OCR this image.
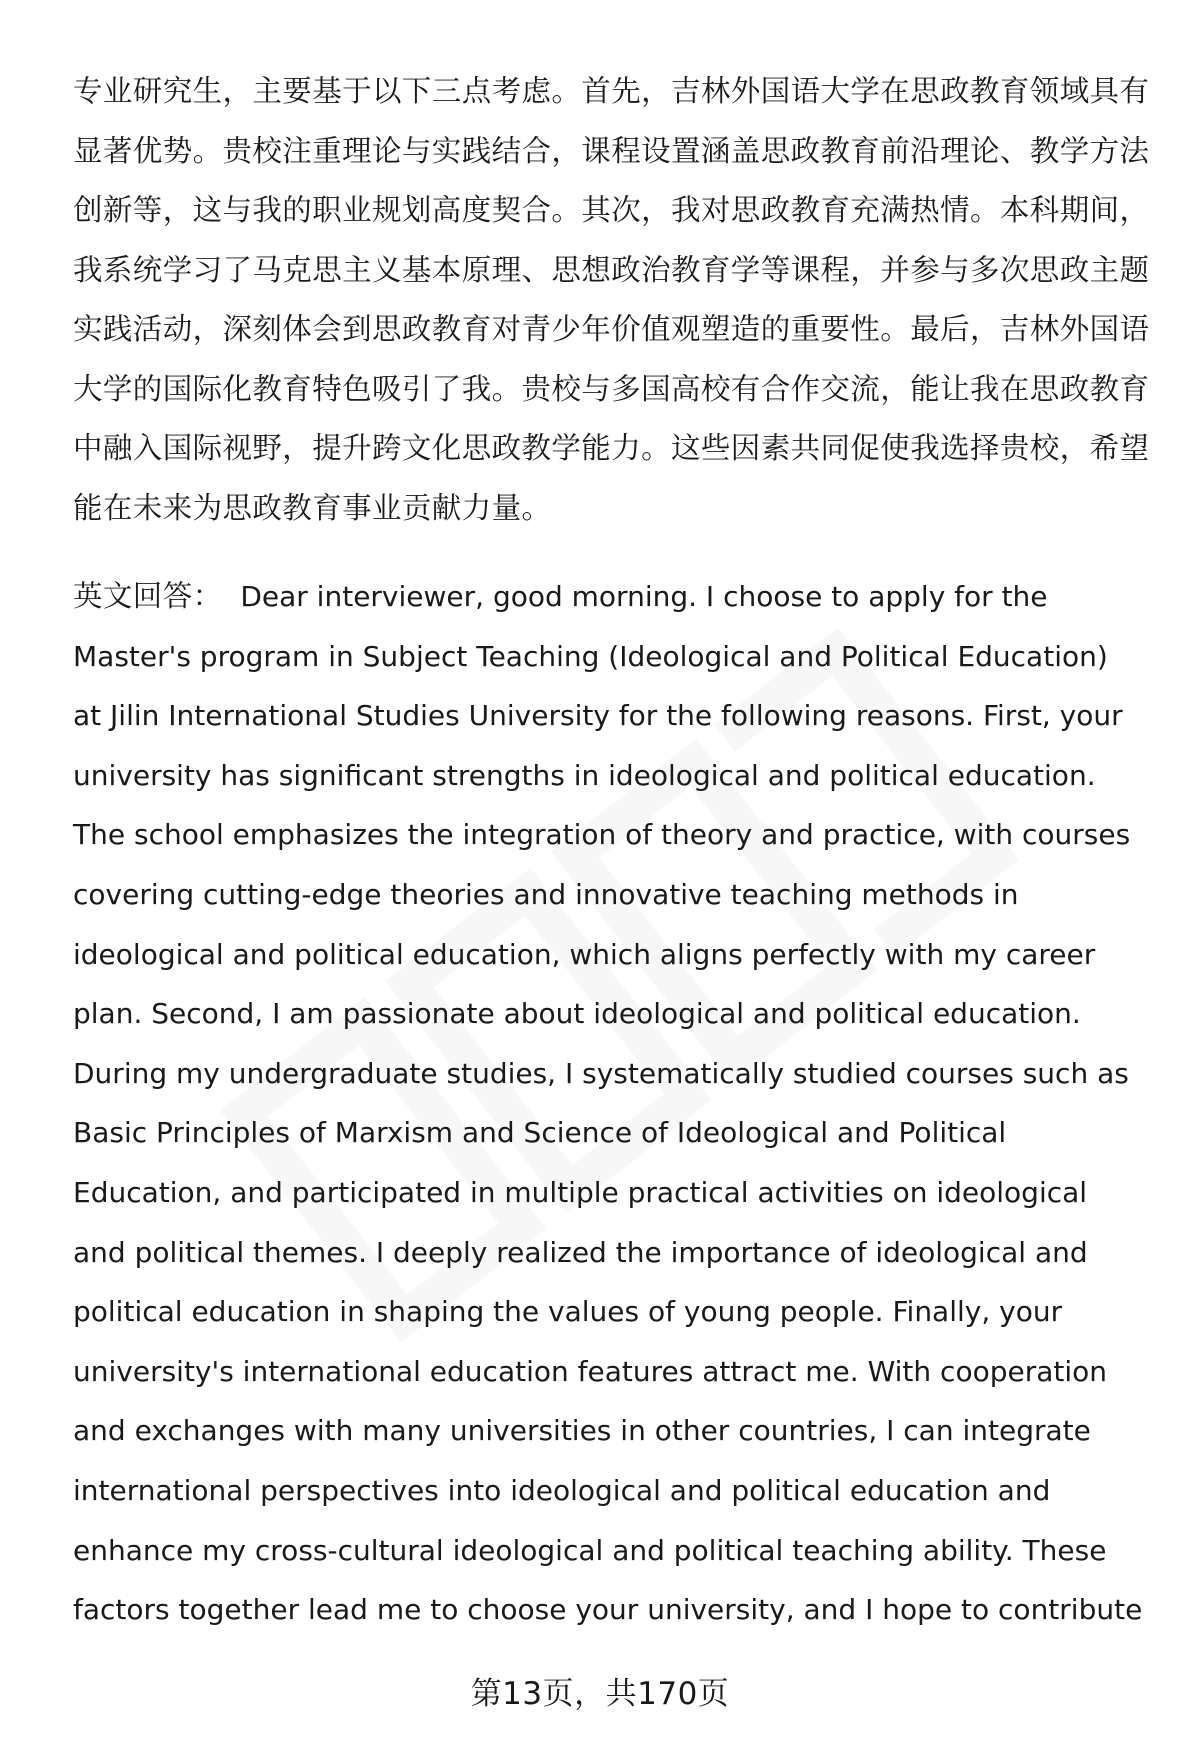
专业研究生，主要基于以下三点考虑。首先，吉林外国语大学在思政教育领域具有
显著优势。贵校注重理论与实践结合，课程设置涵盖思政教育前沿理论、教学方法
创新等，这与我的职业规划高度契合。其次，我对思政教育充满热情。本科期间，
我系统学习了马克思主义基本原理、思想政治教育学等课程，并参与多次思政主题
实践活动，深刻体会到思政教育对青少年价值观塑造的重要性。最后，吉林外国语
大学的国际化教育特色吸引了我。贵校与多国高校有合作交流，能让我在思政教育
中融入国际视野，提升跨文化思政教学能力。这些因素共同促使我选择贵校，希望
能在未来为思政教育事业贡献力量。
英文回答： Dear interviewer, good morning. I choose to apply for the
Master's program in Subject Teaching (Ideological and Political Education)
at Jilin International Studies University for the following reasons. First, your
university has significant strengths in ideological and political education.
The school emphasizes the integration of theory and practice, with courses
covering cutting-edge theories and innovative teaching methods in
ideological and political education, which aligns perfectly with my career
plan. Second, I am passionate about ideological and political education.
During my undergraduate studies, I systematically studied courses such as
Basic Principles of Marxism and Science of Ideological and Political
Education, and participated in multiple practical activities on ideological
and political themes. I deeply realized the importance of ideological and
political education in shaping the values of young people. Finally, your
university's international education features attract me. With cooperation
and exchanges with many universities in other countries, I can integrate
international perspectives into ideological and political education and
enhance my cross-cultural ideological and political teaching ability. These
factors together lead me to choose your university, and I hope to contribute
第13页，共170页
